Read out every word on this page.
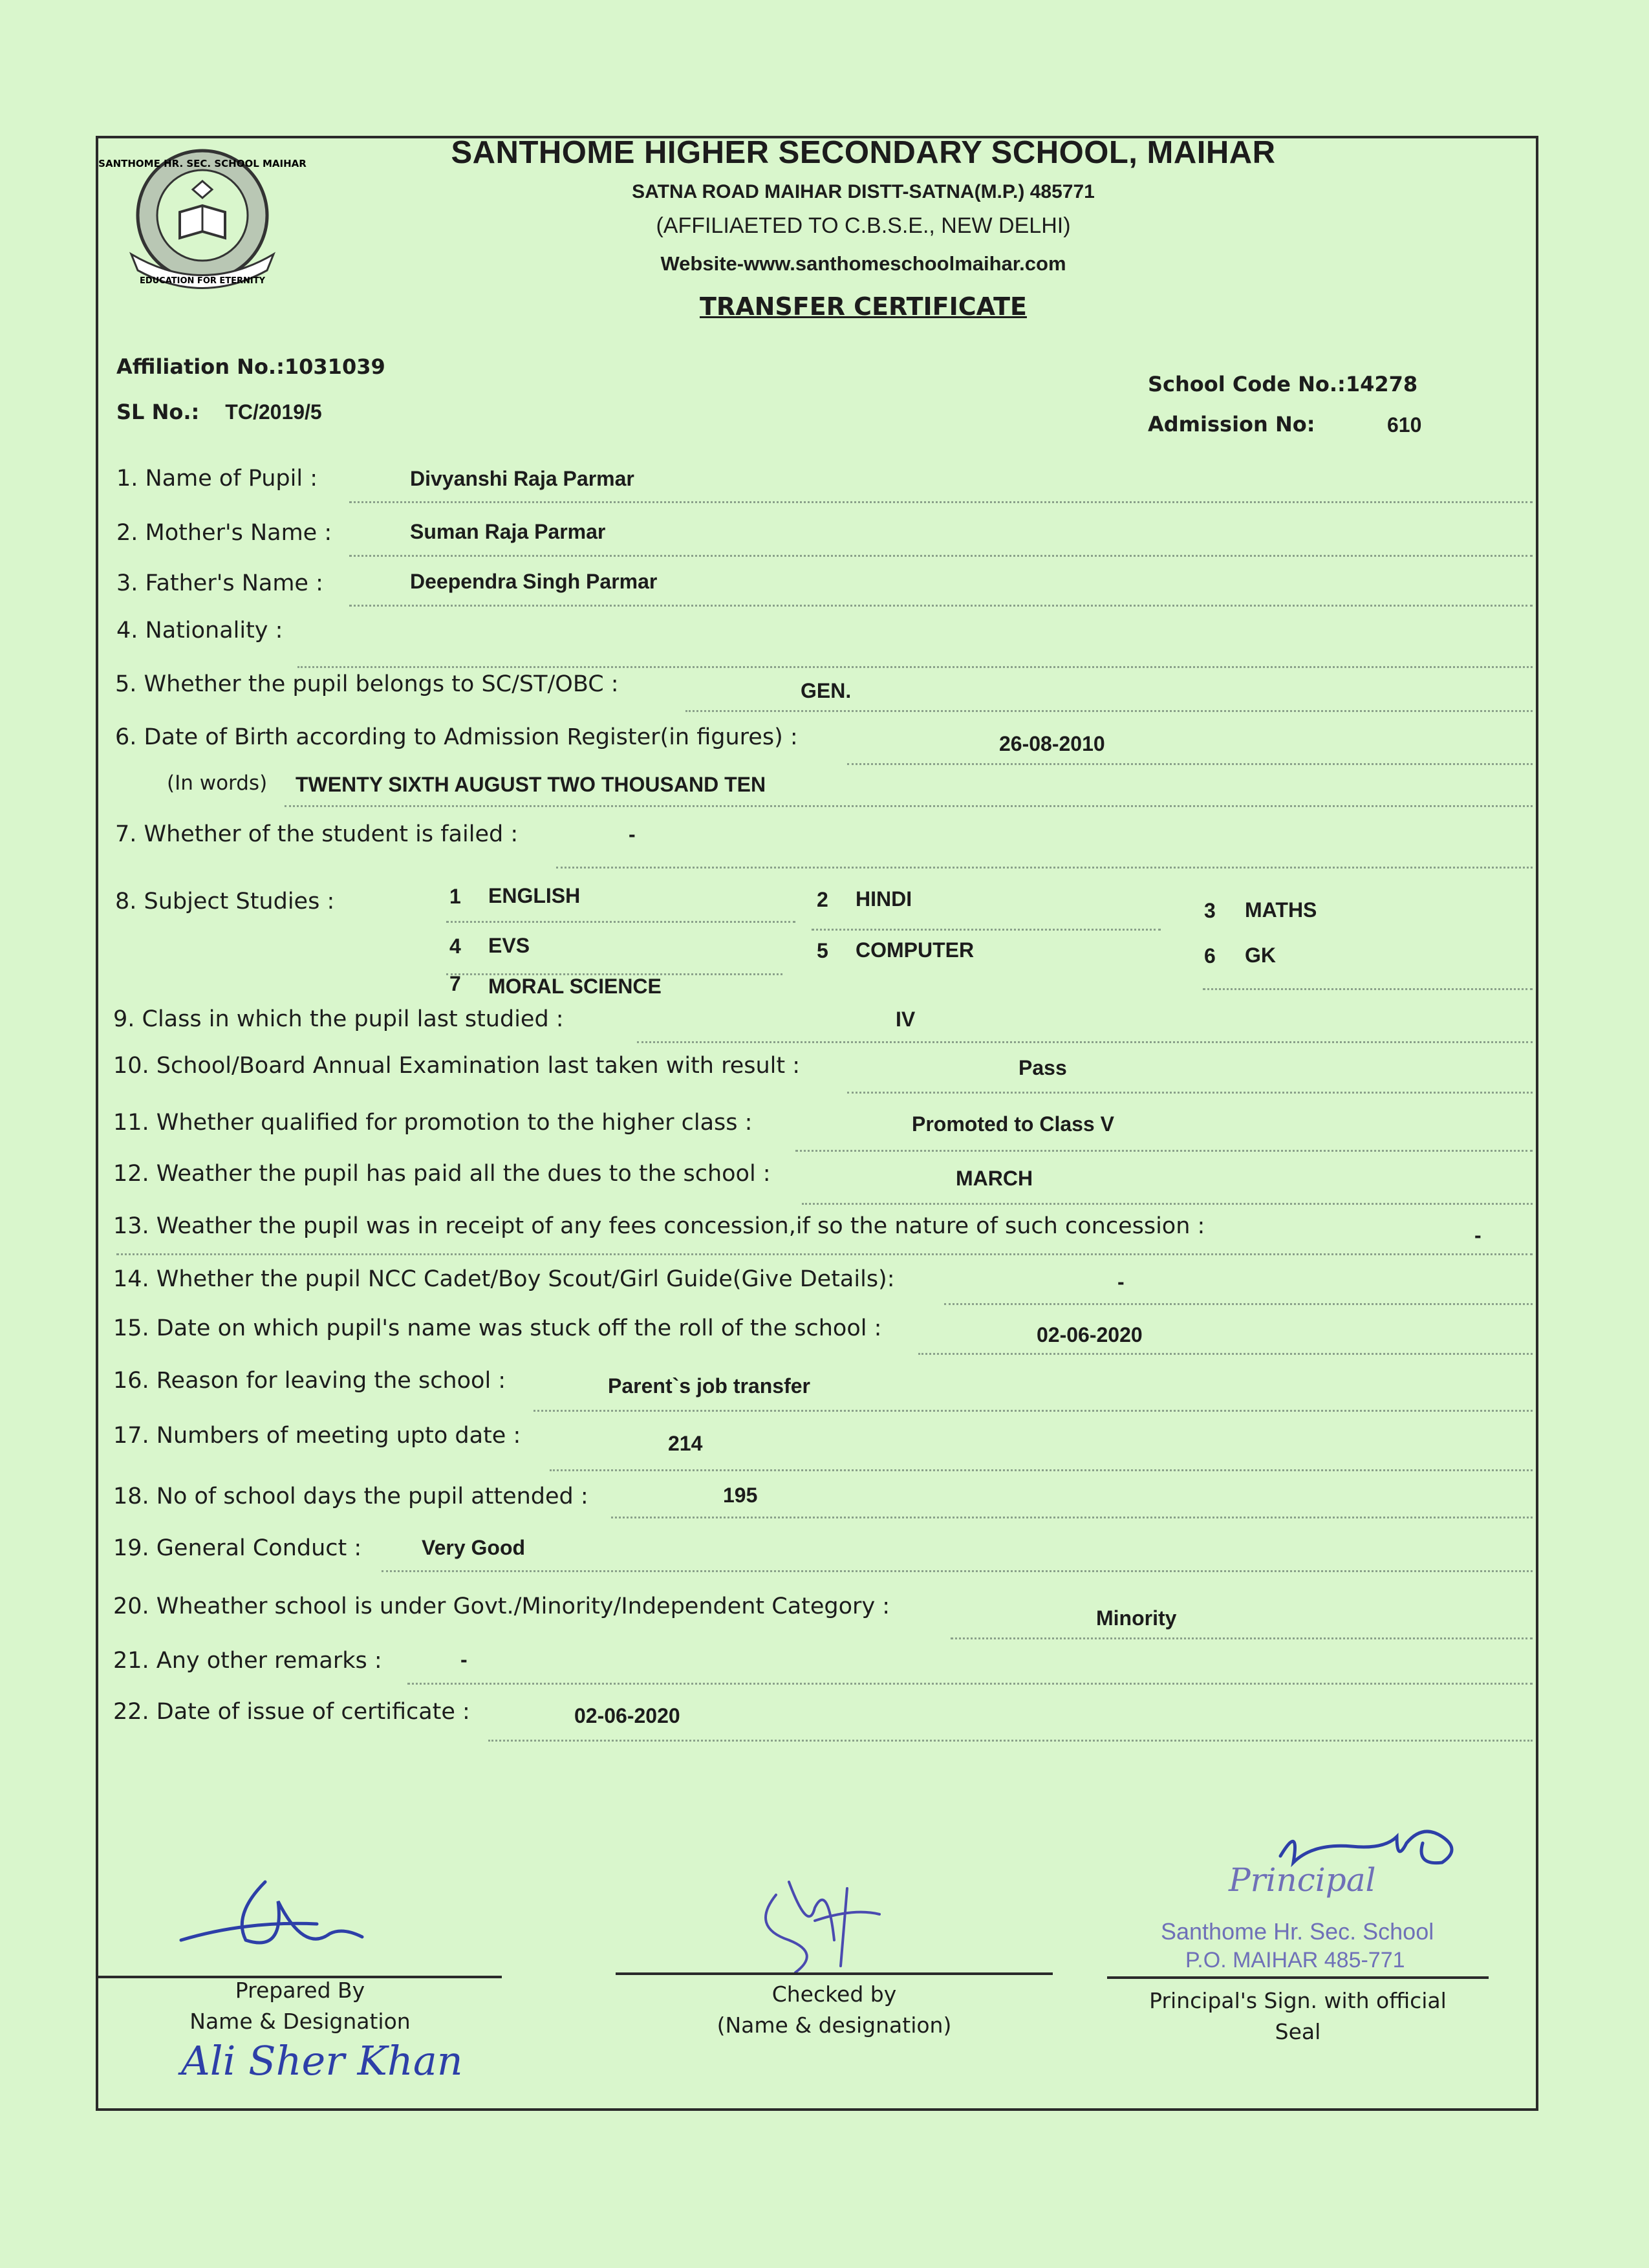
EDUCATION FOR ETERNITY
SANTHOME HR. SEC. SCHOOL MAIHAR	SANTHOME HIGHER SECONDARY SCHOOL, MAIHAR
SATNA ROAD MAIHAR DISTT-SATNA(M.P.) 485771
(AFFILIAETED TO C.B.S.E., NEW DELHI)
Website-www.santhomeschoolmaihar.com
TRANSFER CERTIFICATE
Affiliation No.:1031039
SL No.: TC/2019/5
School Code No.:14278
Admission No:	610
1. Name of Pupil :	Divyanshi Raja Parmar
2. Mother's Name :	Suman Raja Parmar
3. Father's Name :	Deependra Singh Parmar
4. Nationality :
5. Whether the pupil belongs to SC/ST/OBC :	GEN.
6. Date of Birth according to Admission Register(in figures) :	26-08-2010
(In words) TWENTY SIXTH AUGUST TWO THOUSAND TEN
7. Whether of the student is failed :	-
8. Subject Studies :	1 ENGLISH	2 HINDI	3 MATHS
4 EVS	5 COMPUTER	6 GK
7 MORAL SCIENCE
9. Class in which the pupil last studied :	IV
10. School/Board Annual Examination last taken with result :	Pass
11. Whether qualified for promotion to the higher class :	Promoted to Class V
12. Weather the pupil has paid all the dues to the school :	MARCH
13. Weather the pupil was in receipt of any fees concession,if so the nature of such concession :	-
14. Whether the pupil NCC Cadet/Boy Scout/Girl Guide(Give Details):	-
15. Date on which pupil's name was stuck off the roll of the school :	02-06-2020
16. Reason for leaving the school :	Parent`s job transfer
17. Numbers of meeting upto date :	214
18. No of school days the pupil attended :	195
19. General Conduct :	Very Good
20. Wheather school is under Govt./Minority/Independent Category :	Minority
21. Any other remarks :	-
22. Date of issue of certificate :	02-06-2020
Principal
Santhome Hr. Sec. School
P.O. MAIHAR 485-771
Prepared By
Name & Designation
Ali Sher Khan
Checked by
(Name & designation)
Principal's Sign. with official
Seal
